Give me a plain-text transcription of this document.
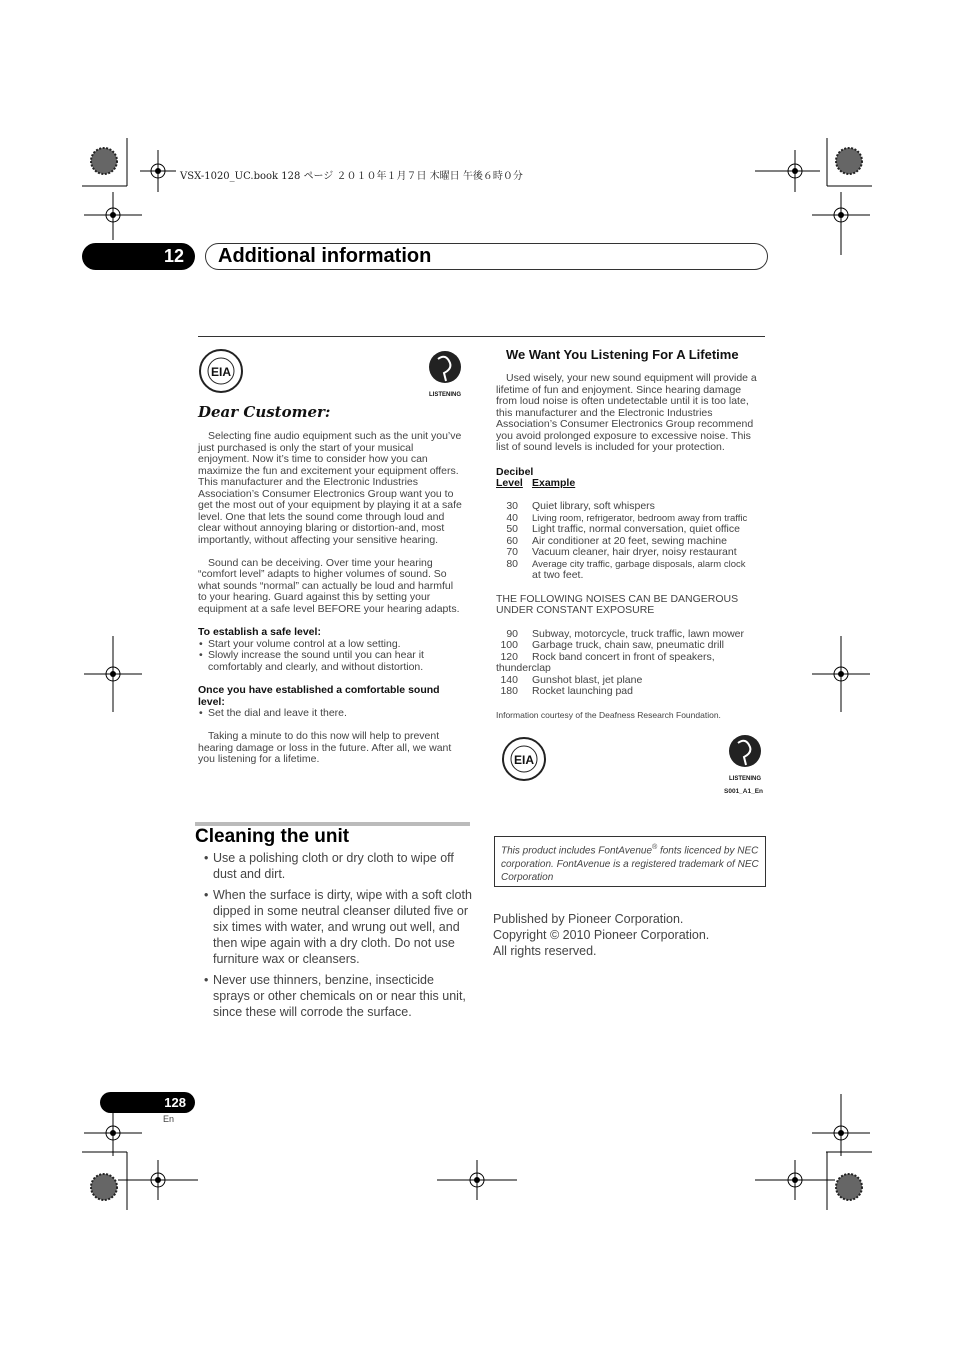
VSX-1020_UC.book 128 ページ ２０１０年１月７日 木曜日 午後６時０分
12	Additional information
EIA
LISTENING
Dear Customer:

Selecting fine audio equipment such as the unit you’ve just purchased is only the start of your musical enjoyment. Now it’s time to consider how you can maximize the fun and excitement your equipment offers. This manufacturer and the Electronic Industries Association’s Consumer Electronics Group want you to get the most out of your equipment by playing it at a safe level. One that lets the sound come through loud and clear without annoying blaring or distortion-and, most importantly, without affecting your sensitive hearing.

Sound can be deceiving. Over time your hearing “comfort level” adapts to higher volumes of sound. So what sounds “normal” can actually be loud and harmful to your hearing. Guard against this by setting your equipment at a safe level BEFORE your hearing adapts.

To establish a safe level:

• Start your volume control at a low setting.
• Slowly increase the sound until you can hear it comfortably and clearly, and without distortion.

Once you have established a comfortable sound level:

• Set the dial and leave it there.

Taking a minute to do this now will help to prevent hearing damage or loss in the future. After all, we want you listening for a lifetime.

We Want You Listening For A Lifetime

Used wisely, your new sound equipment will provide a lifetime of fun and enjoyment. Since hearing damage from loud noise is often undetectable until it is too late, this manufacturer and the Electronic Industries Association’s Consumer Electronics Group recommend you avoid prolonged exposure to excessive noise. This list of sound levels is included for your protection.

Decibel
Level Example
30 Quiet library, soft whispers
40 Living room, refrigerator, bedroom away from traffic
50 Light traffic, normal conversation, quiet office
60 Air conditioner at 20 feet, sewing machine
70 Vacuum cleaner, hair dryer, noisy restaurant
80 Average city traffic, garbage disposals, alarm clock
at two feet.

THE FOLLOWING NOISES CAN BE DANGEROUS UNDER CONSTANT EXPOSURE

90 Subway, motorcycle, truck traffic, lawn mower
100 Garbage truck, chain saw, pneumatic drill
120 Rock band concert in front of speakers,
thunderclap
140 Gunshot blast, jet plane
180 Rocket launching pad

Information courtesy of the Deafness Research Foundation.

EIA
LISTENING
S001_A1_En
Cleaning the unit
• Use a polishing cloth or dry cloth to wipe off dust and dirt.
• When the surface is dirty, wipe with a soft cloth dipped in some neutral cleanser diluted five or six times with water, and wrung out well, and then wipe again with a dry cloth. Do not use furniture wax or cleansers.
• Never use thinners, benzine, insecticide sprays or other chemicals on or near this unit, since these will corrode the surface.
This product includes FontAvenue® fonts licenced by NEC corporation. FontAvenue is a registered trademark of NEC Corporation
Published by Pioneer Corporation.
Copyright © 2010 Pioneer Corporation.
All rights reserved.
128
En
